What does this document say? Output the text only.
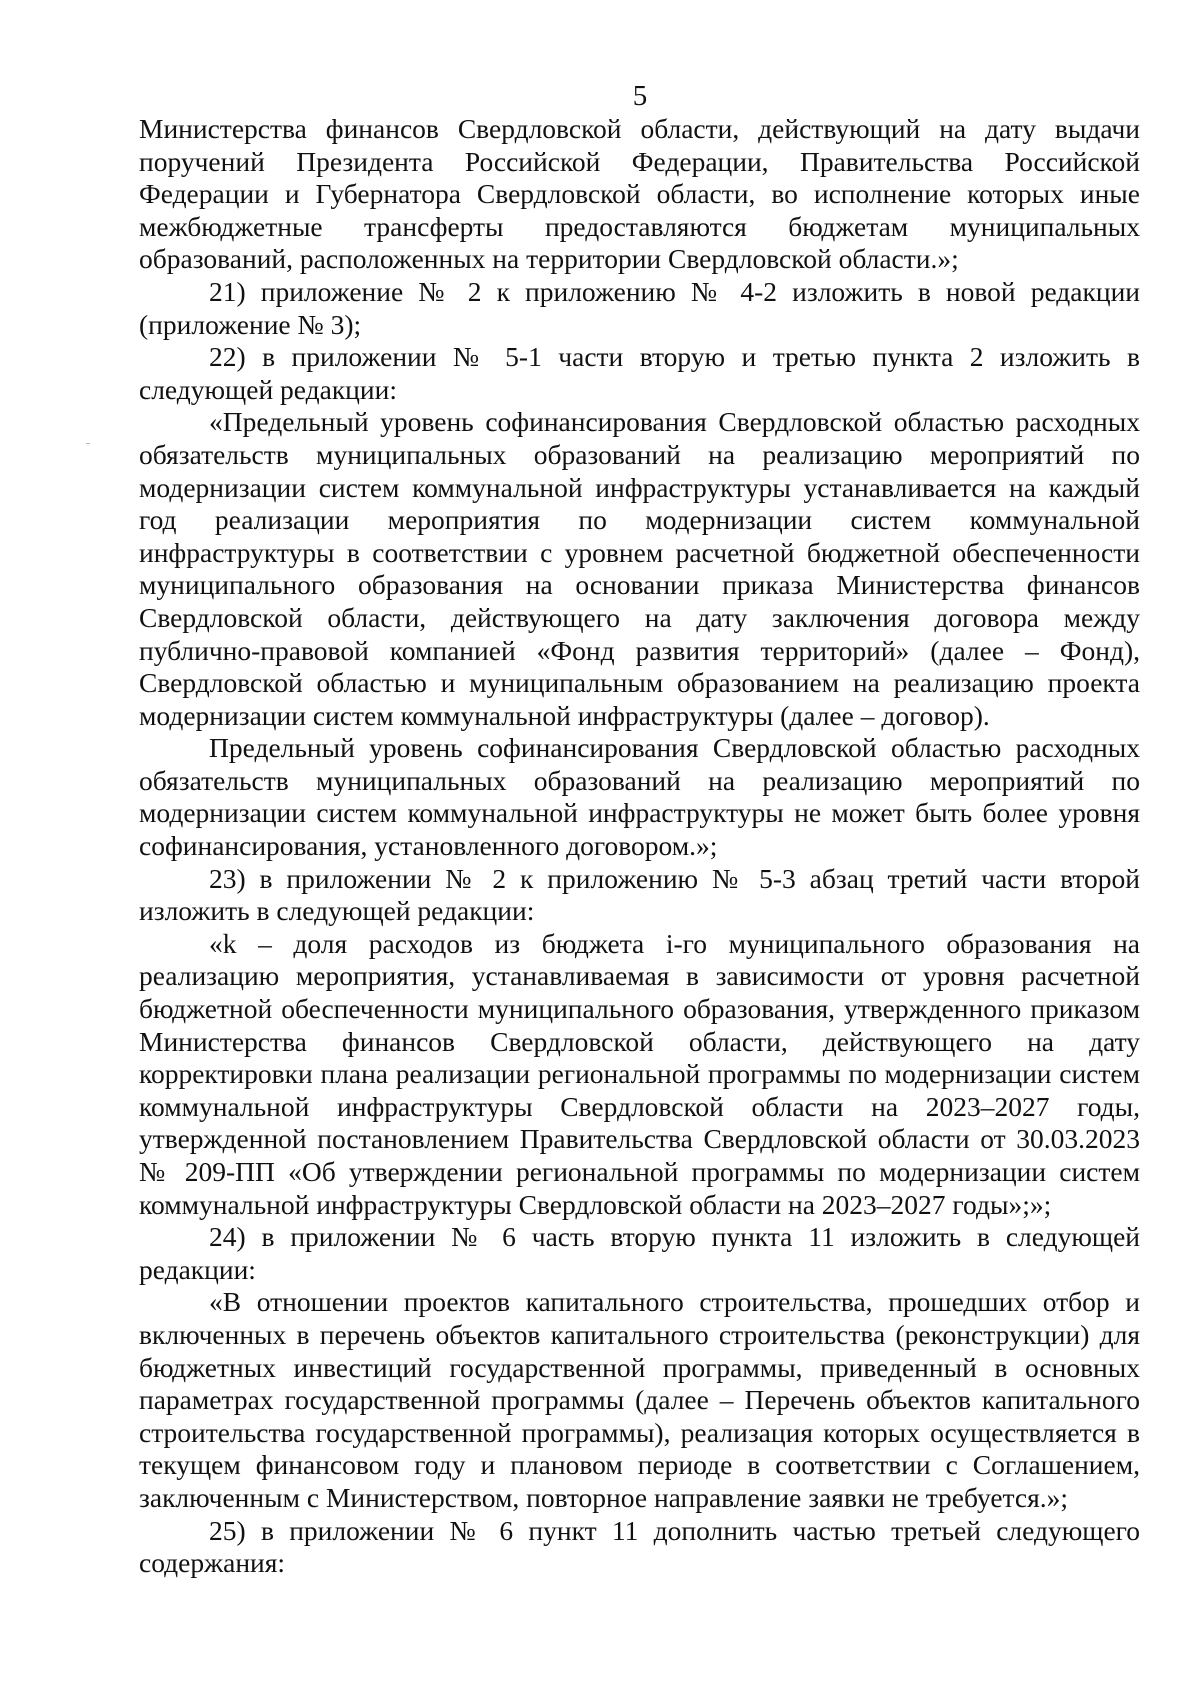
5

Министерства финансов Свердловской области, действующий на дату выдачи поручений Президента Российской Федерации, Правительства Российской Федерации и Губернатора Свердловской области, во исполнение которых иные межбюджетные трансферты предоставляются бюджетам муниципальных образований, расположенных на территории Свердловской области.»;

21) приложение № 2 к приложению № 4-2 изложить в новой редакции (приложение № 3);

22) в приложении № 5-1 части вторую и третью пункта 2 изложить в следующей редакции:

«Предельный уровень софинансирования Свердловской областью расходных обязательств муниципальных образований на реализацию мероприятий по модернизации систем коммунальной инфраструктуры устанавливается на каждый год реализации мероприятия по модернизации систем коммунальной инфраструктуры в соответствии с уровнем расчетной бюджетной обеспеченности муниципального образования на основании приказа Министерства финансов Свердловской области, действующего на дату заключения договора между публично-правовой компанией «Фонд развития территорий» (далее – Фонд), Свердловской областью и муниципальным образованием на реализацию проекта модернизации систем коммунальной инфраструктуры (далее – договор).

Предельный уровень софинансирования Свердловской областью расходных обязательств муниципальных образований на реализацию мероприятий по модернизации систем коммунальной инфраструктуры не может быть более уровня софинансирования, установленного договором.»;

23) в приложении № 2 к приложению № 5-3 абзац третий части второй изложить в следующей редакции:

«k – доля расходов из бюджета i-го муниципального образования на реализацию мероприятия, устанавливаемая в зависимости от уровня расчетной бюджетной обеспеченности муниципального образования, утвержденного приказом Министерства финансов Свердловской области, действующего на дату корректировки плана реализации региональной программы по модернизации систем коммунальной инфраструктуры Свердловской области на 2023–2027 годы, утвержденной постановлением Правительства Свердловской области от 30.03.2023 № 209-ПП «Об утверждении региональной программы по модернизации систем коммунальной инфраструктуры Свердловской области на 2023–2027 годы»;»;

24) в приложении № 6 часть вторую пункта 11 изложить в следующей редакции:

«В отношении проектов капитального строительства, прошедших отбор и включенных в перечень объектов капитального строительства (реконструкции) для бюджетных инвестиций государственной программы, приведенный в основных параметрах государственной программы (далее – Перечень объектов капитального строительства государственной программы), реализация которых осуществляется в текущем финансовом году и плановом периоде в соответствии с Соглашением, заключенным с Министерством, повторное направление заявки не требуется.»;

25) в приложении № 6 пункт 11 дополнить частью третьей следующего содержания:
